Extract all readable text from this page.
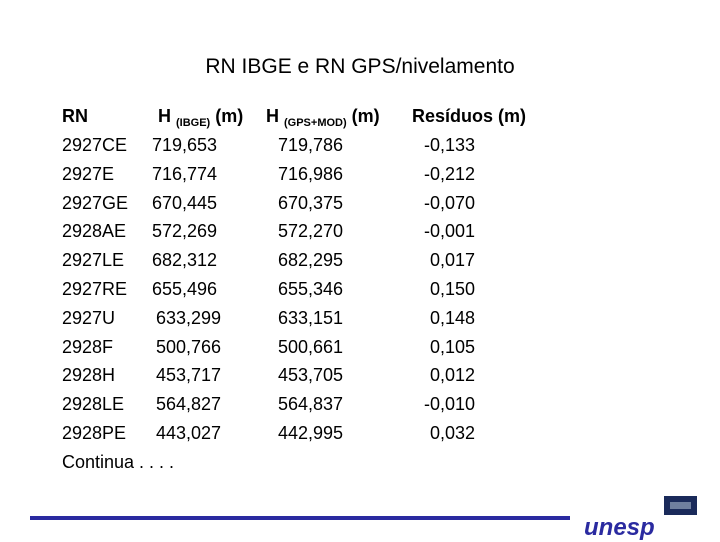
RN IBGE e RN GPS/nivelamento
RN	H $_{(IBGE)}$ (m) H $_{(GPS+MOD)}$ (m) Resíduos (m)
2927CE 719,653	719,786	-0,133
2927E 716,774	716,986	-0,212
2927GE 670,445	670,375	-0,070
2928AE 572,269	572,270	-0,001
2927LE 682,312	682,295	0,017
2927RE 655,496	655,346	0,150
2927U 633,299	633,151	0,148
2928F 500,766	500,661	0,105
2928H 453,717	453,705	0,012
2928LE 564,827	564,837	-0,010
2928PE 443,027	442,995	0,032
Continua . . . .
unesp
